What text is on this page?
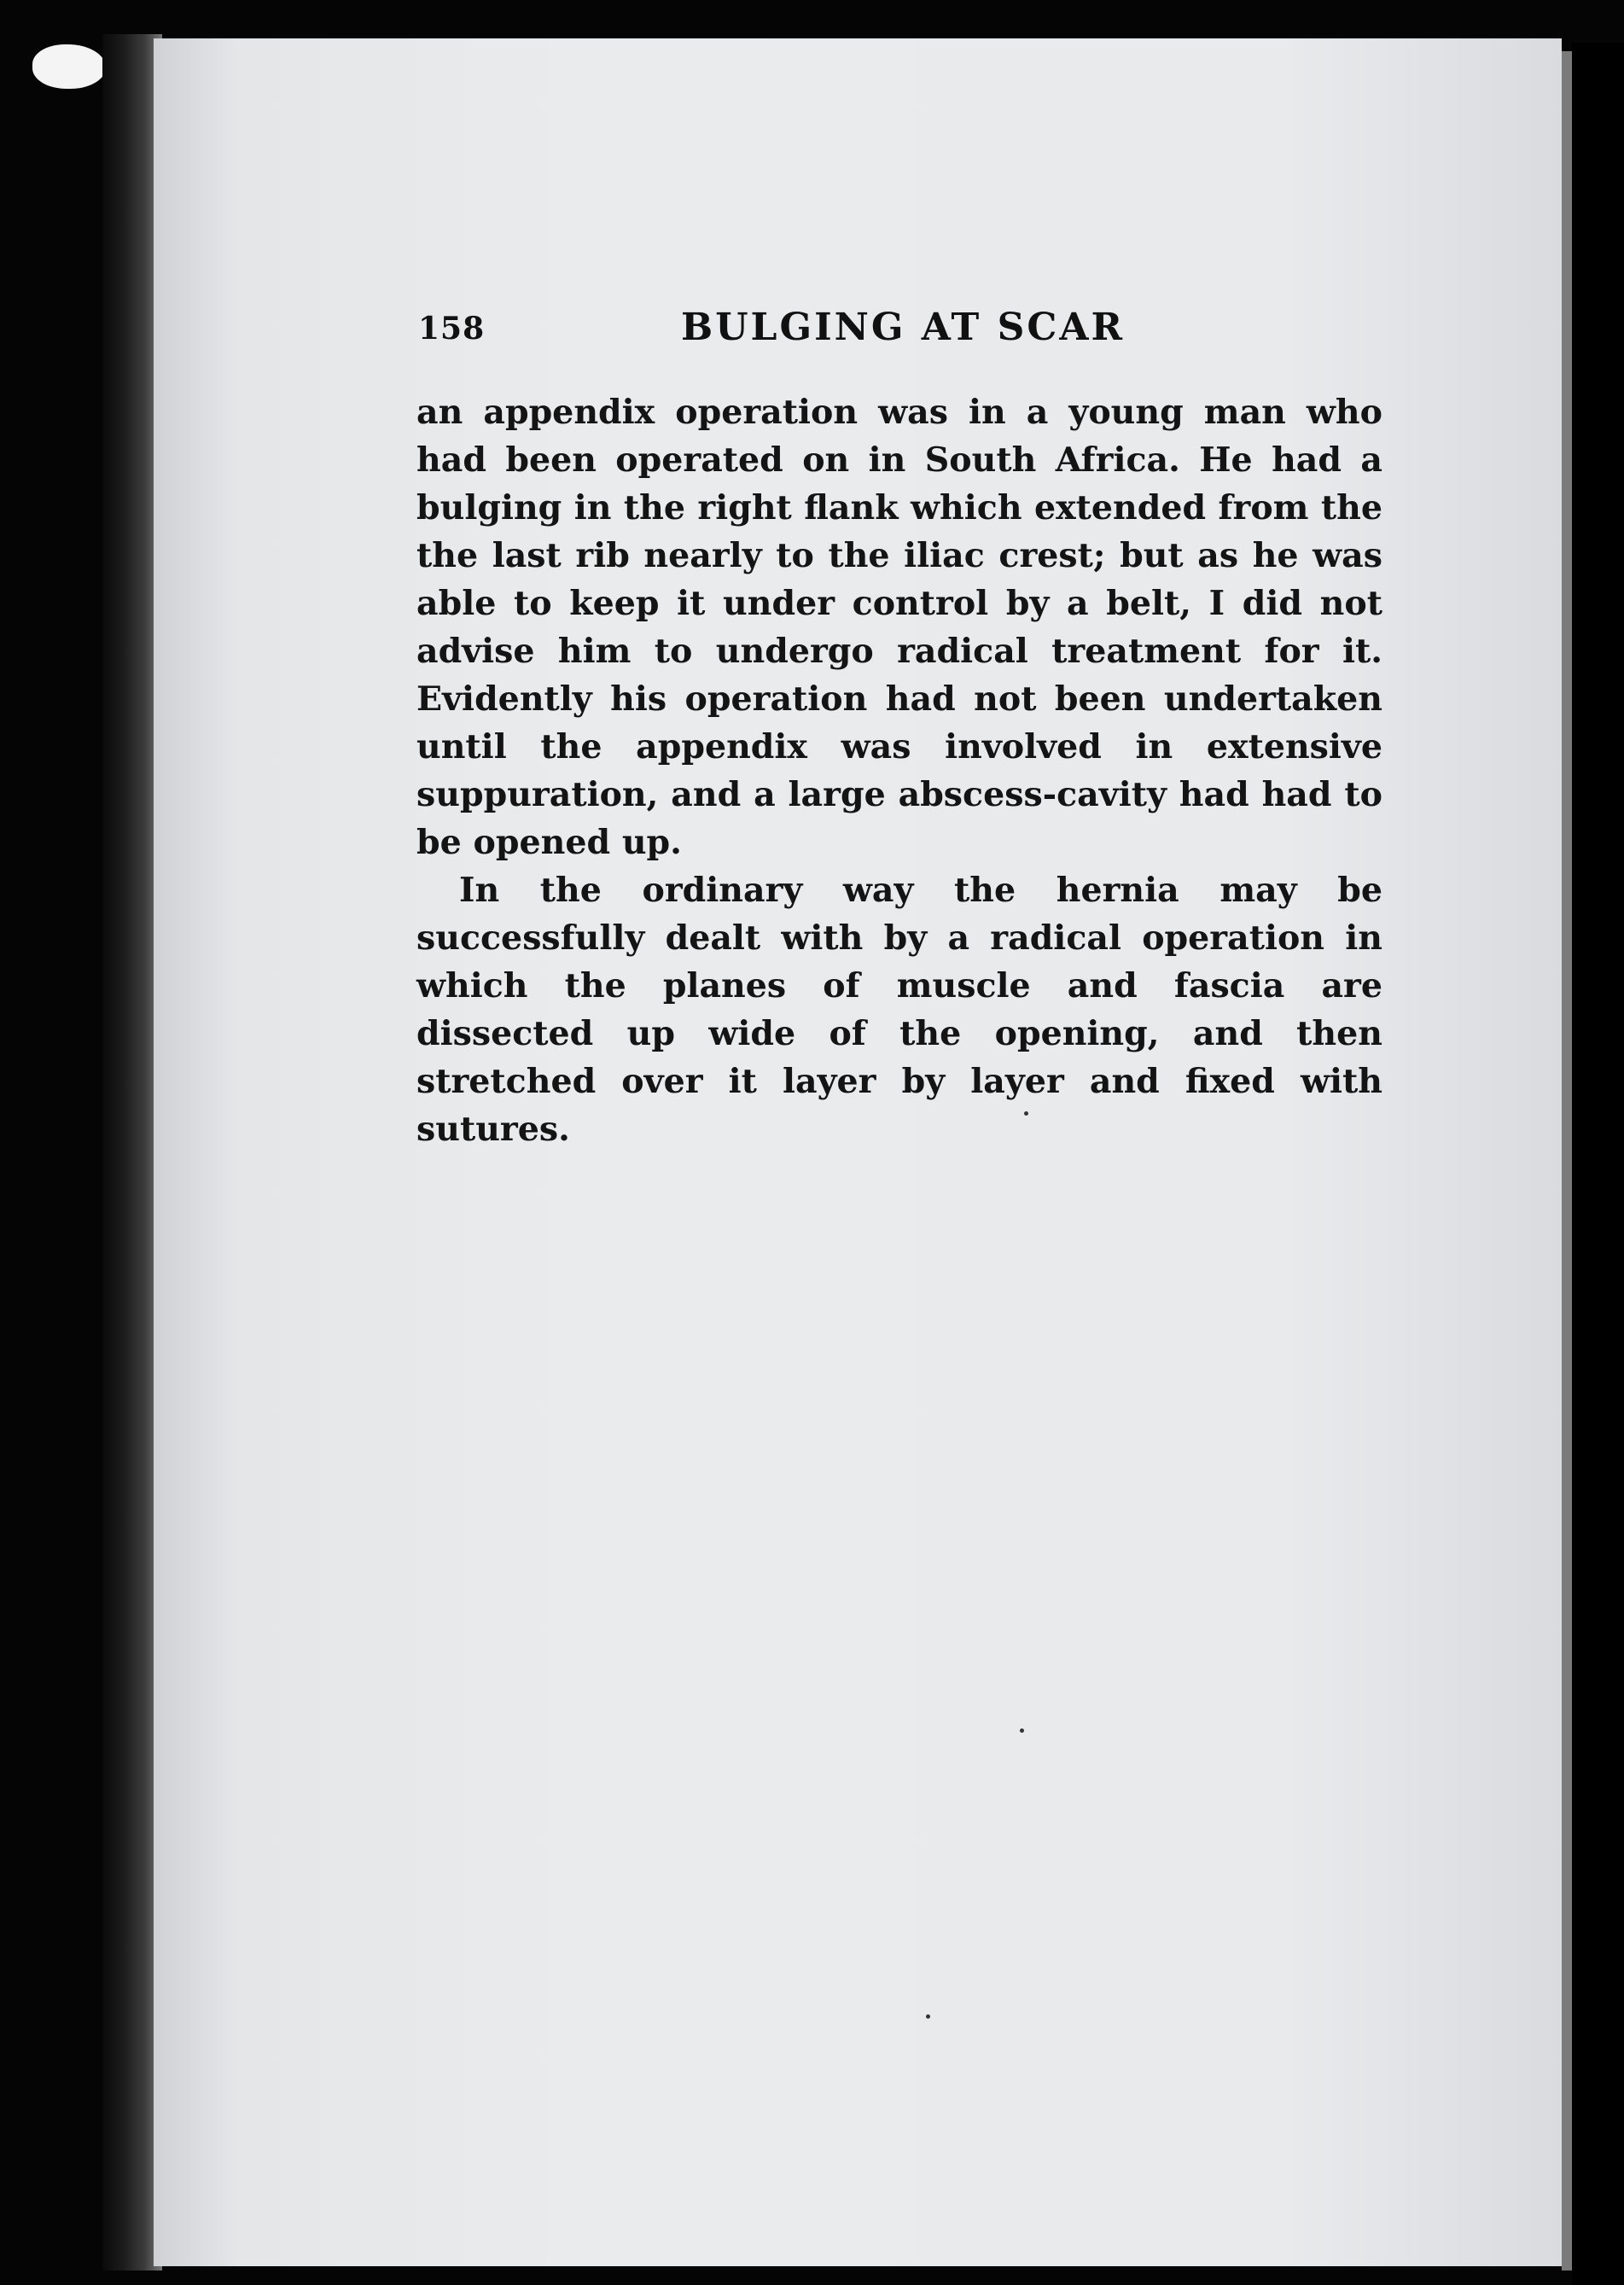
158	BULGING AT SCAR

an appendix operation was in a young man who had been operated on in South Africa. He had a bulging in the right flank which extended from the the last rib nearly to the iliac crest; but as he was able to keep it under control by a belt, I did not advise him to undergo radical treatment for it. Evidently his operation had not been undertaken until the appendix was involved in extensive suppuration, and a large abscess-cavity had had to be opened up.

In the ordinary way the hernia may be successfully dealt with by a radical operation in which the planes of muscle and fascia are dissected up wide of the opening, and then stretched over it layer by layer and fixed with sutures.
